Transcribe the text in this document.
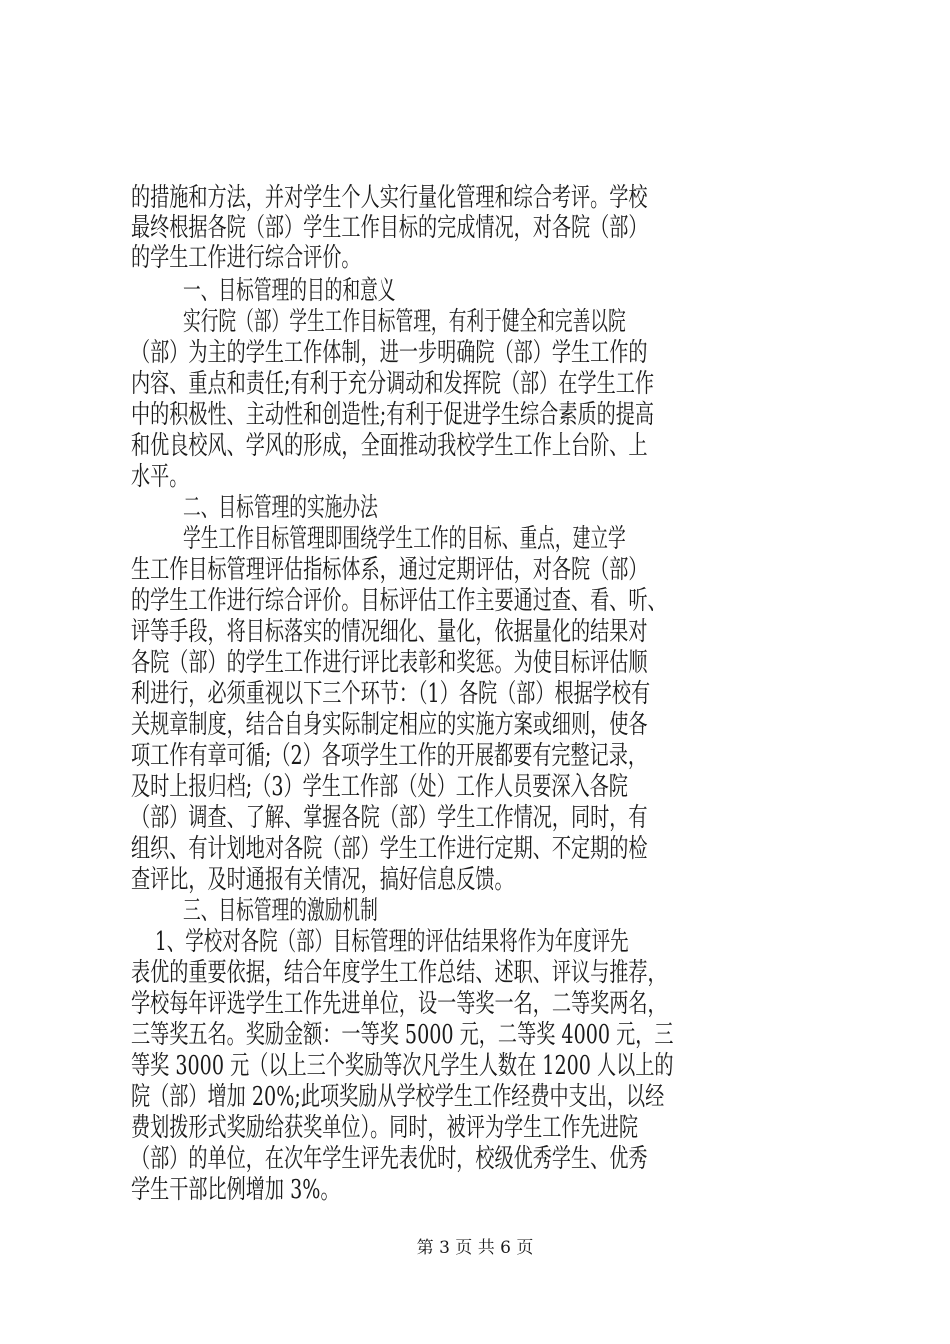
的措施和方法，并对学生个人实行量化管理和综合考评。学校
最终根据各院（部）学生工作目标的完成情况，对各院（部）
的学生工作进行综合评价。
一、目标管理的目的和意义
实行院（部）学生工作目标管理，有利于健全和完善以院
（部）为主的学生工作体制，进一步明确院（部）学生工作的
内容、重点和责任;有利于充分调动和发挥院（部）在学生工作
中的积极性、主动性和创造性;有利于促进学生综合素质的提高
和优良校风、学风的形成，全面推动我校学生工作上台阶、上
水平。
二、目标管理的实施办法
学生工作目标管理即围绕学生工作的目标、重点，建立学
生工作目标管理评估指标体系，通过定期评估，对各院（部）
的学生工作进行综合评价。目标评估工作主要通过查、看、听、
评等手段，将目标落实的情况细化、量化，依据量化的结果对
各院（部）的学生工作进行评比表彰和奖惩。为使目标评估顺
利进行，必须重视以下三个环节：（1）各院（部）根据学校有
关规章制度，结合自身实际制定相应的实施方案或细则，使各
项工作有章可循;（2）各项学生工作的开展都要有完整记录，
及时上报归档;（3）学生工作部（处）工作人员要深入各院
（部）调查、了解、掌握各院（部）学生工作情况，同时，有
组织、有计划地对各院（部）学生工作进行定期、不定期的检
查评比，及时通报有关情况，搞好信息反馈。
三、目标管理的激励机制
1、学校对各院（部）目标管理的评估结果将作为年度评先
表优的重要依据，结合年度学生工作总结、述职、评议与推荐，
学校每年评选学生工作先进单位，设一等奖一名，二等奖两名，
三等奖五名。奖励金额：一等奖 5000 元，二等奖 4000 元，三
等奖 3000 元（以上三个奖励等次凡学生人数在 1200 人以上的
院（部）增加 20%;此项奖励从学校学生工作经费中支出，以经
费划拨形式奖励给获奖单位）。同时，被评为学生工作先进院
（部）的单位，在次年学生评先表优时，校级优秀学生、优秀
学生干部比例增加 3%。
第 3 页 共 6 页
